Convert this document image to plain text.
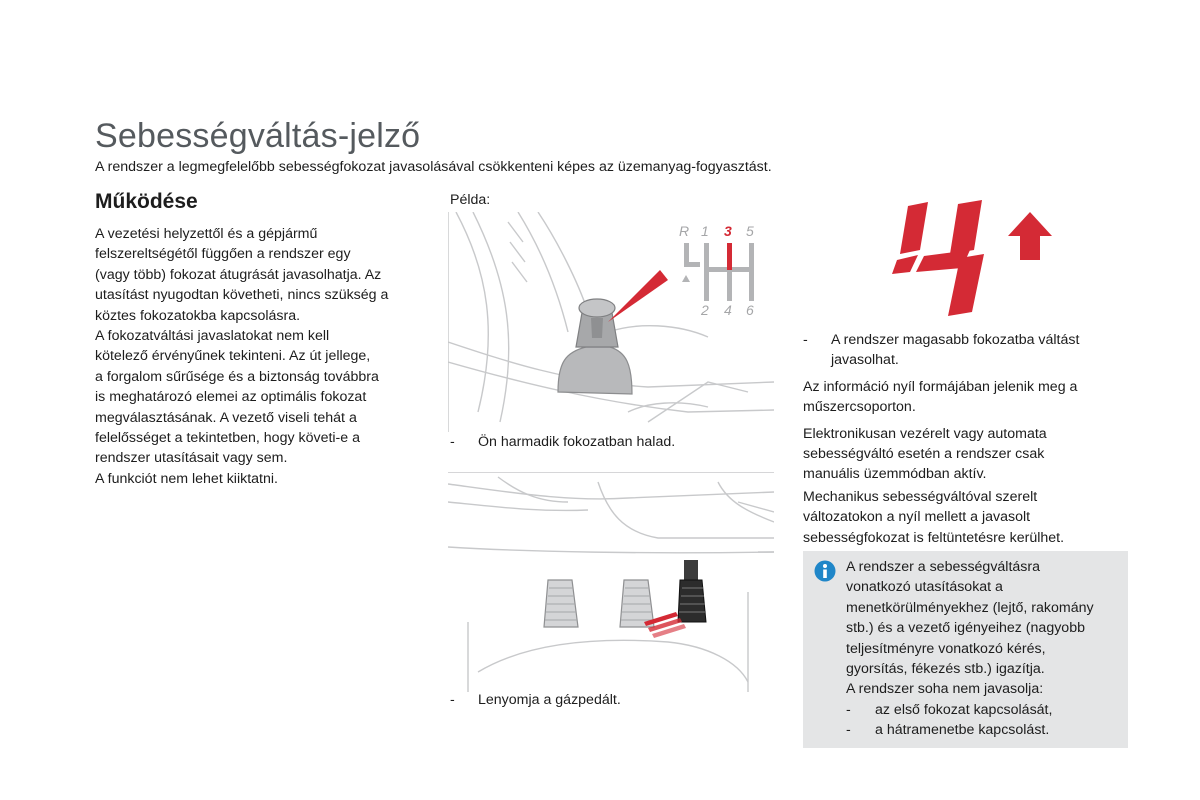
Sebességváltás-jelző

A rendszer a legmegfelelőbb sebességfokozat javasolásával csökkenteni képes az üzemanyag-fogyasztást.

Működése
A vezetési helyzettől és a gépjármű
felszereltségétől függően a rendszer egy
(vagy több) fokozat átugrását javasolhatja. Az
utasítást nyugodtan követheti, nincs szükség a
köztes fokozatokba kapcsolásra.
A fokozatváltási javaslatokat nem kell
kötelező érvényűnek tekinteni. Az út jellege,
a forgalom sűrűsége és a biztonság továbbra
is meghatározó elemei az optimális fokozat
megválasztásának. A vezető viseli tehát a
felelősséget a tekintetben, hogy követi-e a
rendszer utasításait vagy sem.
A funkciót nem lehet kiiktatni.
Példa:
R 1 3 5
2 4 6
- Ön harmadik fokozatban halad.
- Lenyomja a gázpedált.
- A rendszer magasabb fokozatba váltást
javasolhat.
Az információ nyíl formájában jelenik meg a
műszercsoporton.
Elektronikusan vezérelt vagy automata
sebességváltó esetén a rendszer csak
manuális üzemmódban aktív.
Mechanikus sebességváltóval szerelt
változatokon a nyíl mellett a javasolt
sebességfokozat is feltüntetésre kerülhet.
A rendszer a sebességváltásra
vonatkozó utasításokat a
menetkörülményekhez (lejtő, rakomány
stb.) és a vezető igényeihez (nagyobb
teljesítményre vonatkozó kérés,
gyorsítás, fékezés stb.) igazítja.
A rendszer soha nem javasolja:
- az első fokozat kapcsolását,
- a hátramenetbe kapcsolást.
